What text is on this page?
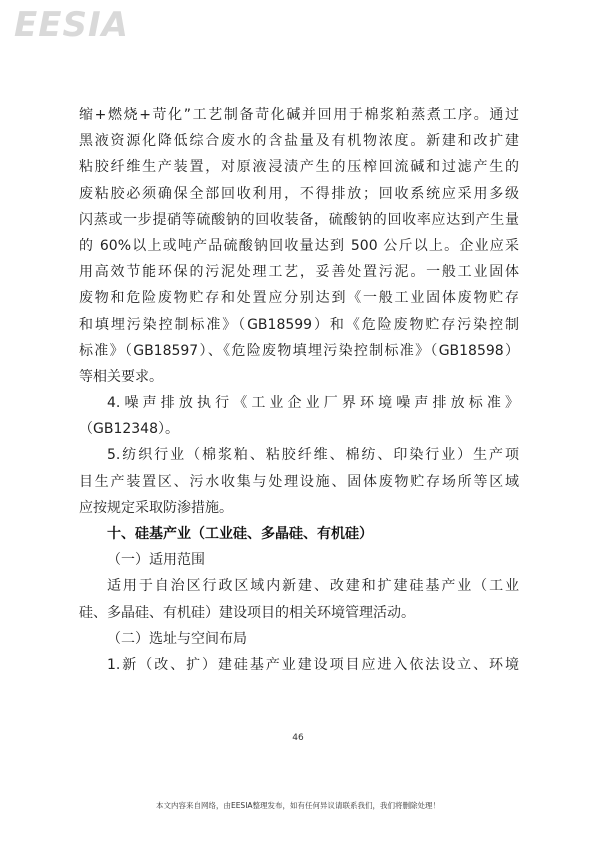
EESIA
缩+燃烧+苛化”工艺制备苛化碱并回用于棉浆粕蒸煮工序。通过
黑液资源化降低综合废水的含盐量及有机物浓度。新建和改扩建
粘胶纤维生产装置，对原液浸渍产生的压榨回流碱和过滤产生的
废粘胶必须确保全部回收利用，不得排放；回收系统应采用多级
闪蒸或一步提硝等硫酸钠的回收装备，硫酸钠的回收率应达到产生量
的 60%以上或吨产品硫酸钠回收量达到 500 公斤以上。企业应采
用高效节能环保的污泥处理工艺，妥善处置污泥。一般工业固体
废物和危险废物贮存和处置应分别达到《一般工业固体废物贮存
和填埋污染控制标准》（GB18599）和《危险废物贮存污染控制
标准》（GB18597）、《危险废物填埋污染控制标准》（GB18598）
等相关要求。
4.噪声排放执行《工业企业厂界环境噪声排放标准》
（GB12348）。
5.纺织行业（棉浆粕、粘胶纤维、棉纺、印染行业）生产项
目生产装置区、污水收集与处理设施、固体废物贮存场所等区域
应按规定采取防渗措施。
十、硅基产业（工业硅、多晶硅、有机硅）
（一）适用范围
适用于自治区行政区域内新建、改建和扩建硅基产业（工业
硅、多晶硅、有机硅）建设项目的相关环境管理活动。
（二）选址与空间布局
1.新（改、扩）建硅基产业建设项目应进入依法设立、环境
46
本文内容来自网络，由EESIA整理发布，如有任何异议请联系我们，我们将删除处理！
